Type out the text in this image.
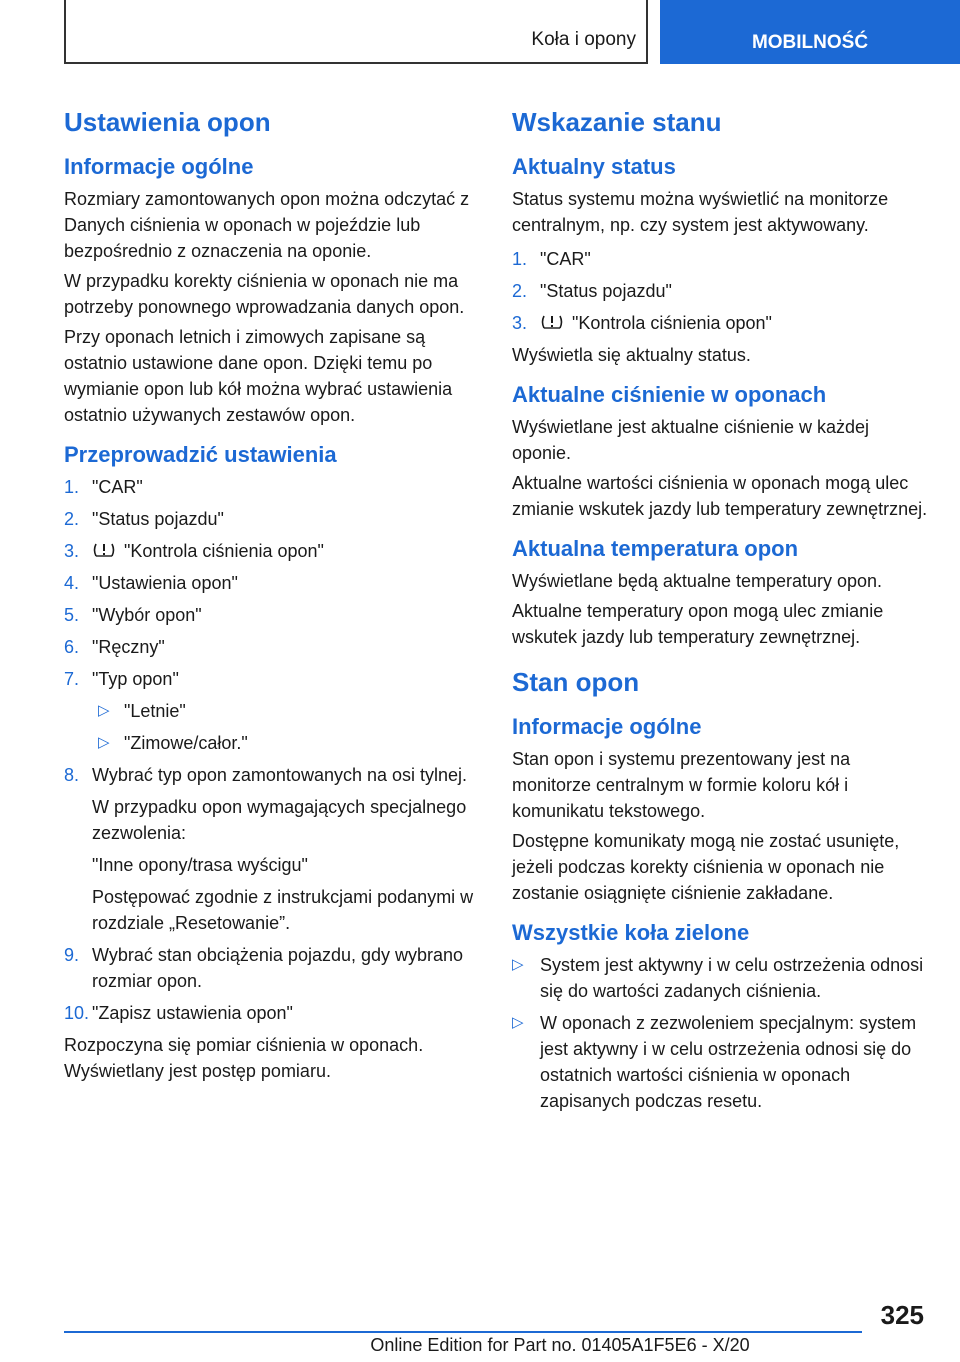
Koła i opony	MOBILNOŚĆ
Ustawienia opon
Informacje ogólne

Rozmiary zamontowanych opon można odczytać z Danych ciśnienia w oponach w pojeździe lub bezpośrednio z oznaczenia na oponie.

W przypadku korekty ciśnienia w oponach nie ma potrzeby ponownego wprowadzania danych opon.

Przy oponach letnich i zimowych zapisane są ostatnio ustawione dane opon. Dzięki temu po wymianie opon lub kół można wybrać ustawienia ostatnio używanych zestawów opon.

Przeprowadzić ustawienia
1. "CAR"
2. "Status pojazdu"
3. "Kontrola ciśnienia opon"
4. "Ustawienia opon"
5. "Wybór opon"
6. "Ręczny"
7. "Typ opon"
▷ "Letnie"
▷ "Zimowe/całor."
8. Wybrać typ opon zamontowanych na osi tylnej.
W przypadku opon wymagających specjalnego zezwolenia:
"Inne opony/trasa wyścigu"
Postępować zgodnie z instrukcjami podanymi w rozdziale „Resetowanie”.
9. Wybrać stan obciążenia pojazdu, gdy wybrano rozmiar opon.
10. "Zapisz ustawienia opon"

Rozpoczyna się pomiar ciśnienia w oponach. Wyświetlany jest postęp pomiaru.

Wskazanie stanu
Aktualny status

Status systemu można wyświetlić na monitorze centralnym, np. czy system jest aktywowany.

1. "CAR"
2. "Status pojazdu"
3. "Kontrola ciśnienia opon"

Wyświetla się aktualny status.

Aktualne ciśnienie w oponach

Wyświetlane jest aktualne ciśnienie w każdej oponie.

Aktualne wartości ciśnienia w oponach mogą ulec zmianie wskutek jazdy lub temperatury zewnętrznej.

Aktualna temperatura opon

Wyświetlane będą aktualne temperatury opon.

Aktualne temperatury opon mogą ulec zmianie wskutek jazdy lub temperatury zewnętrznej.

Stan opon
Informacje ogólne

Stan opon i systemu prezentowany jest na monitorze centralnym w formie koloru kół i komunikatu tekstowego.

Dostępne komunikaty mogą nie zostać usunięte, jeżeli podczas korekty ciśnienia w oponach nie zostanie osiągnięte ciśnienie zakładane.

Wszystkie koła zielone
▷ System jest aktywny i w celu ostrzeżenia odnosi się do wartości zadanych ciśnienia.
▷ W oponach z zezwoleniem specjalnym: system jest aktywny i w celu ostrzeżenia odnosi się do ostatnich wartości ciśnienia w oponach zapisanych podczas resetu.
325
Online Edition for Part no. 01405A1F5E6 - X/20
